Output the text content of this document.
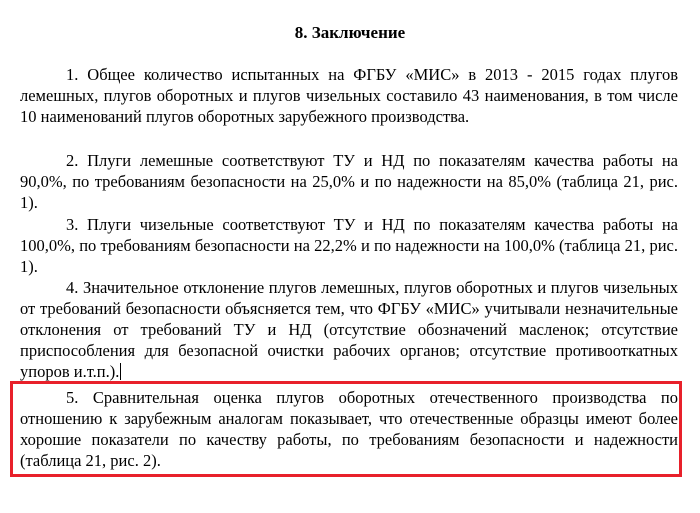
8. Заключение

1. Общее количество испытанных на ФГБУ «МИС» в 2013 - 2015 годах плугов лемешных, плугов оборотных и плугов чизельных составило 43 наименования, в том числе 10 наименований плугов оборотных зарубежного производства.

2. Плуги лемешные соответствуют ТУ и НД по показателям качества работы на 90,0%, по требованиям безопасности на 25,0% и по надежности на 85,0% (таблица 21, рис. 1).

3. Плуги чизельные соответствуют ТУ и НД по показателям качества работы на 100,0%, по требованиям безопасности на 22,2% и по надежности на 100,0% (таблица 21, рис. 1).

4. Значительное отклонение плугов лемешных, плугов оборотных и плугов чизельных от требований безопасности объясняется тем, что ФГБУ «МИС» учитывали незначительные отклонения от требований ТУ и НД (отсутствие обозначений масленок; отсутствие приспособления для безопасной очистки рабочих органов; отсутствие противооткатных упоров и.т.п.).

5. Сравнительная оценка плугов оборотных отечественного производства по отношению к зарубежным аналогам показывает, что отечественные образцы имеют более хорошие показатели по качеству работы, по требованиям безопасности и надежности (таблица 21, рис. 2).
